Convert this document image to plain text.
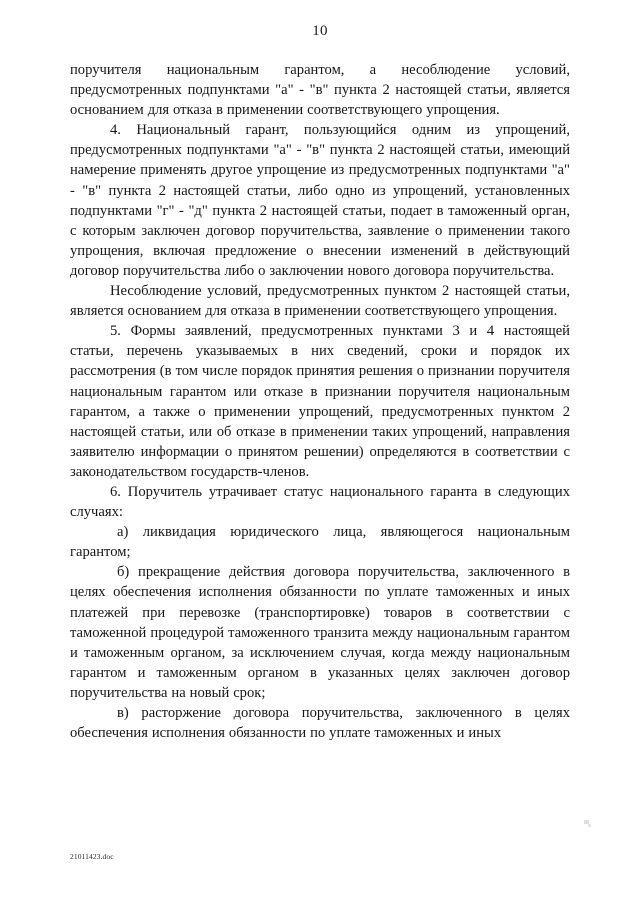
10

поручителя национальным гарантом, а несоблюдение условий, предусмотренных подпунктами "а" - "в" пункта 2 настоящей статьи, является основанием для отказа в применении соответствующего упрощения.

4. Национальный гарант, пользующийся одним из упрощений, предусмотренных подпунктами "а" - "в" пункта 2 настоящей статьи, имеющий намерение применять другое упрощение из предусмотренных подпунктами "а" - "в" пункта 2 настоящей статьи, либо одно из упрощений, установленных подпунктами "г" - "д" пункта 2 настоящей статьи, подает в таможенный орган, с которым заключен договор поручительства, заявление о применении такого упрощения, включая предложение о внесении изменений в действующий договор поручительства либо о заключении нового договора поручительства.

Несоблюдение условий, предусмотренных пунктом 2 настоящей статьи, является основанием для отказа в применении соответствующего упрощения.

5. Формы заявлений, предусмотренных пунктами 3 и 4 настоящей статьи, перечень указываемых в них сведений, сроки и порядок их рассмотрения (в том числе порядок принятия решения о признании поручителя национальным гарантом или отказе в признании поручителя национальным гарантом, а также о применении упрощений, предусмотренных пунктом 2 настоящей статьи, или об отказе в применении таких упрощений, направления заявителю информации о принятом решении) определяются в соответствии с законодательством государств-членов.

6. Поручитель утрачивает статус национального гаранта в следующих случаях:

а) ликвидация юридического лица, являющегося национальным гарантом;

б) прекращение действия договора поручительства, заключенного в целях обеспечения исполнения обязанности по уплате таможенных и иных платежей при перевозке (транспортировке) товаров в соответствии с таможенной процедурой таможенного транзита между национальным гарантом и таможенным органом, за исключением случая, когда между национальным гарантом и таможенным органом в указанных целях заключен договор поручительства на новый срок;

в) расторжение договора поручительства, заключенного в целях обеспечения исполнения обязанности по уплате таможенных и иных

21011423.doc
